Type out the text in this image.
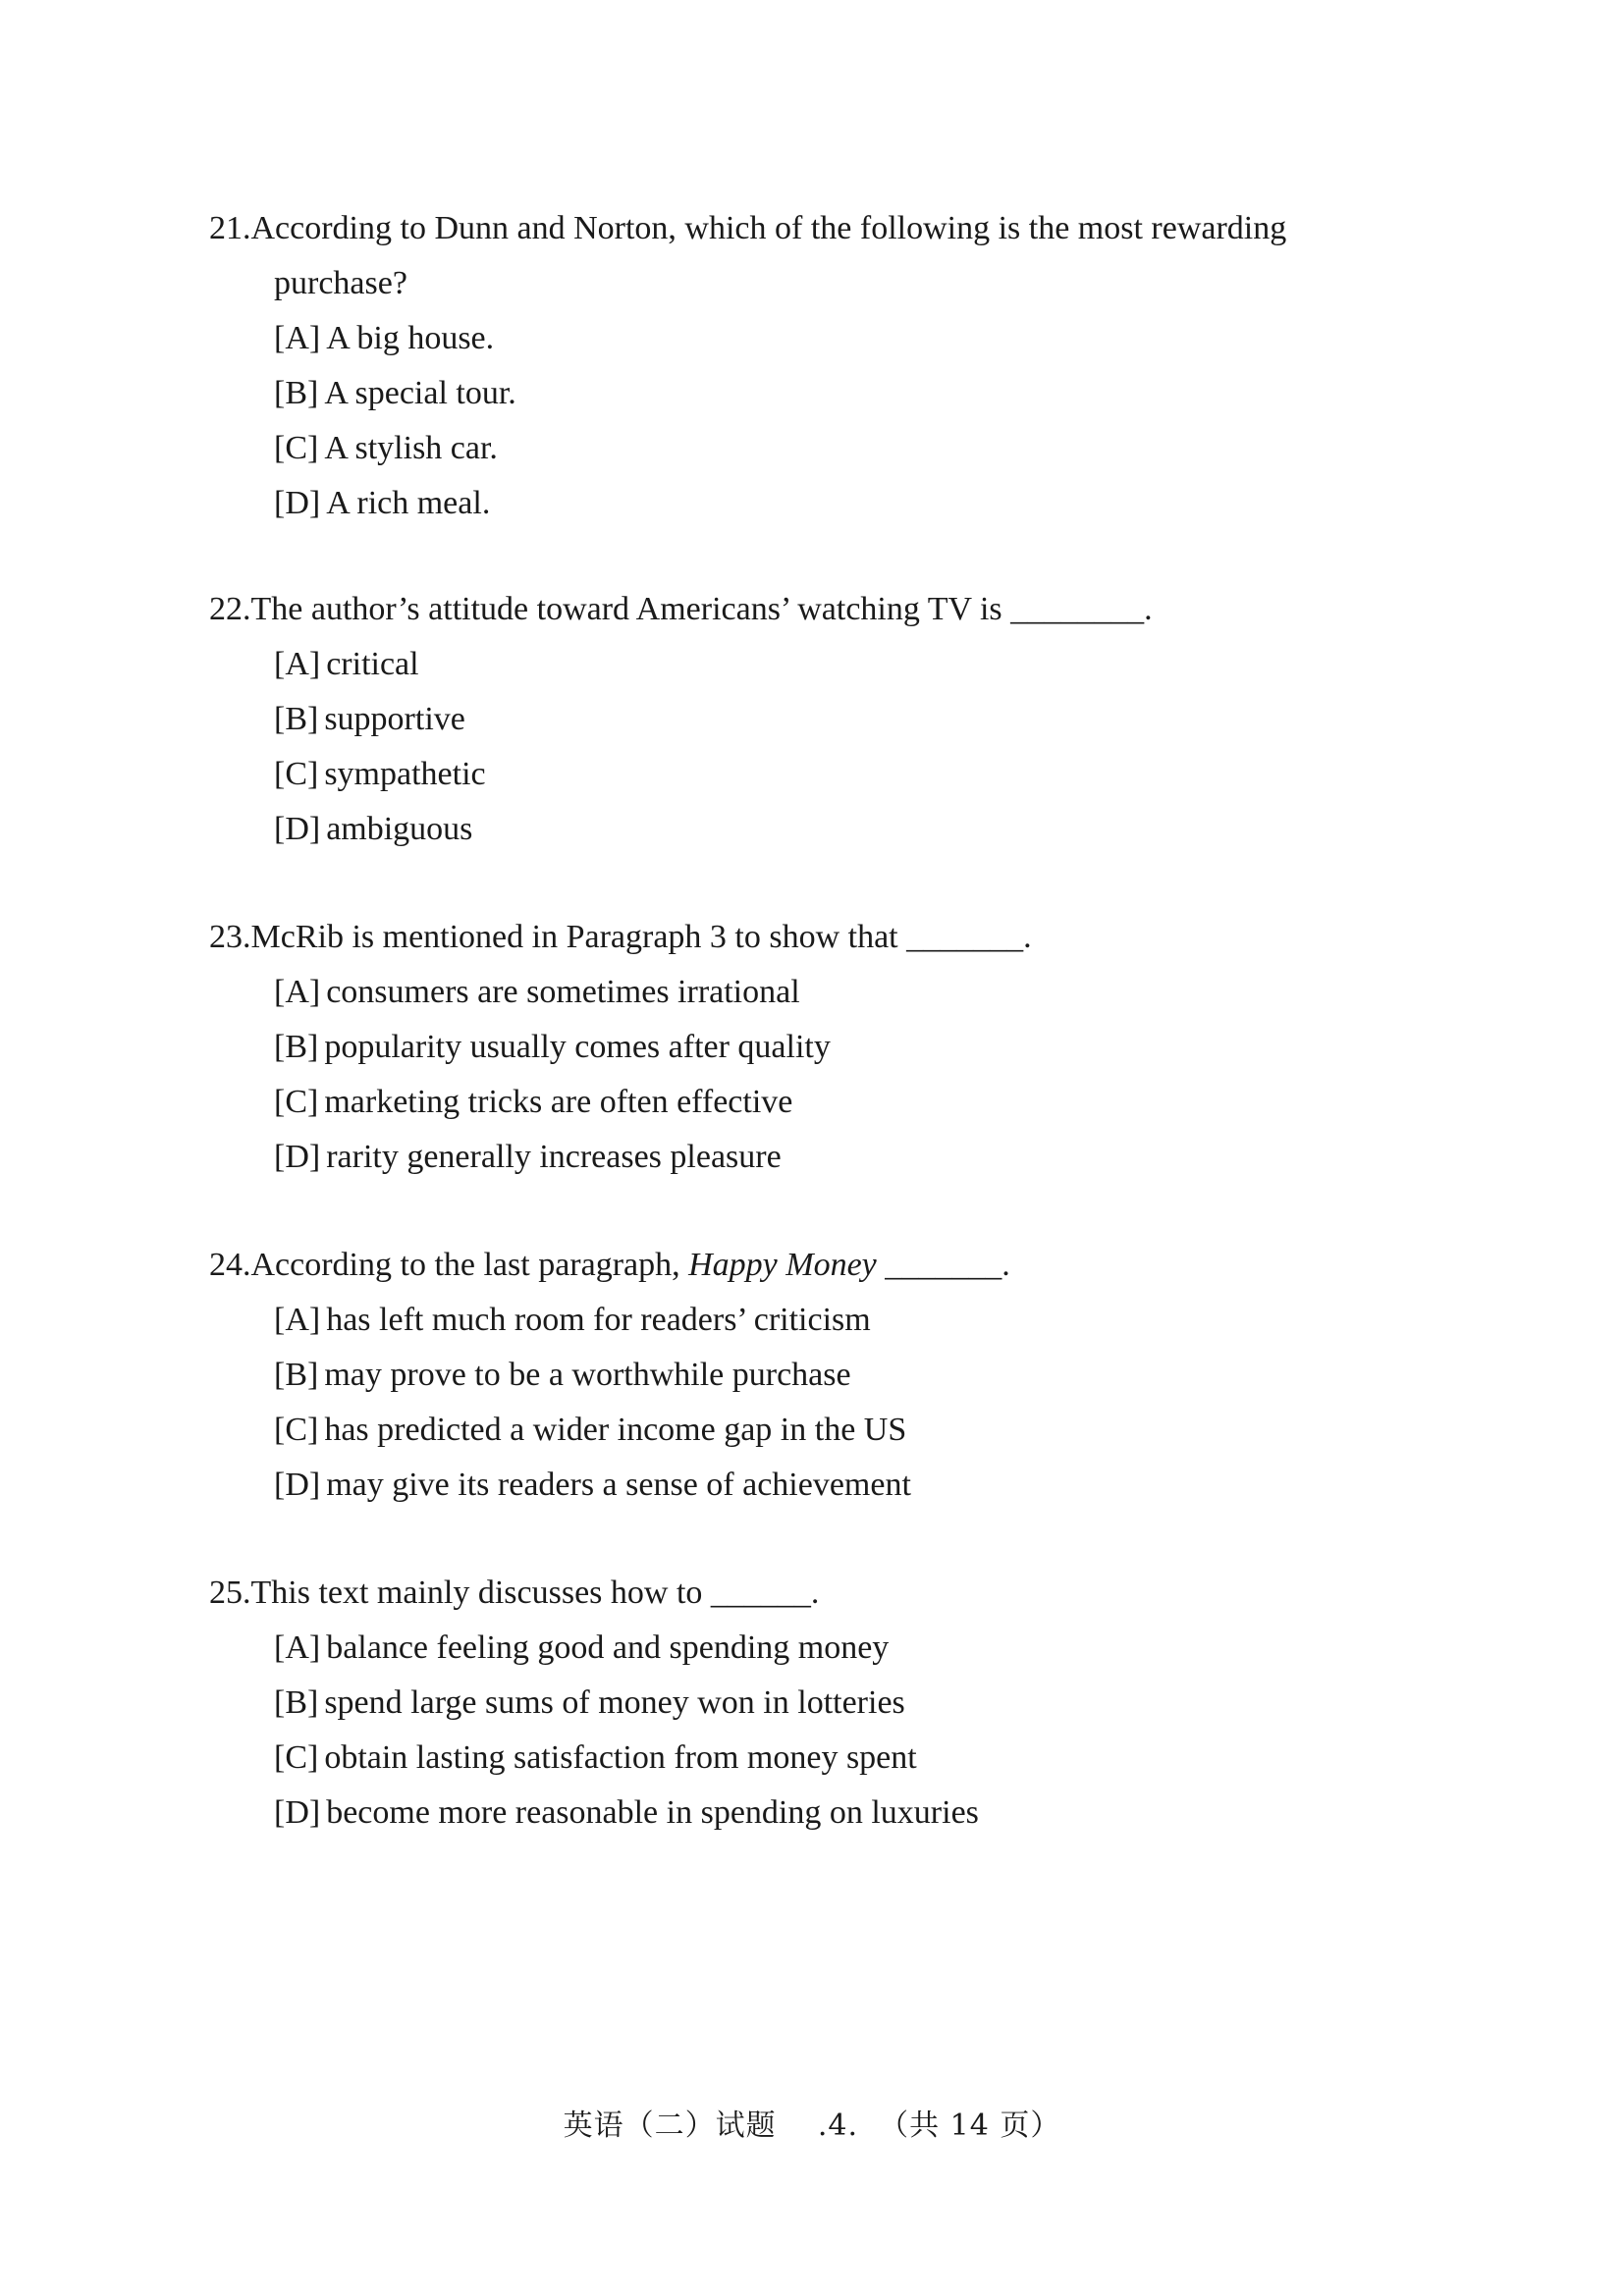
21. According to Dunn and Norton, which of the following is the most rewarding
purchase?
[A] A big house.
[B] A special tour.
[C] A stylish car.
[D] A rich meal.
22. The author’s attitude toward Americans’ watching TV is ________.
[A] critical
[B] supportive
[C] sympathetic
[D] ambiguous
23. McRib is mentioned in Paragraph 3 to show that _______.
[A] consumers are sometimes irrational
[B] popularity usually comes after quality
[C] marketing tricks are often effective
[D] rarity generally increases pleasure
24. According to the last paragraph, Happy Money _______.
[A] has left much room for readers’ criticism
[B] may prove to be a worthwhile purchase
[C] has predicted a wider income gap in the US
[D] may give its readers a sense of achievement
25. This text mainly discusses how to ______.
[A] balance feeling good and spending money
[B] spend large sums of money won in lotteries
[C] obtain lasting satisfaction from money spent
[D] become more reasonable in spending on luxuries
英语（二）试题 .4. （共 14 页）
